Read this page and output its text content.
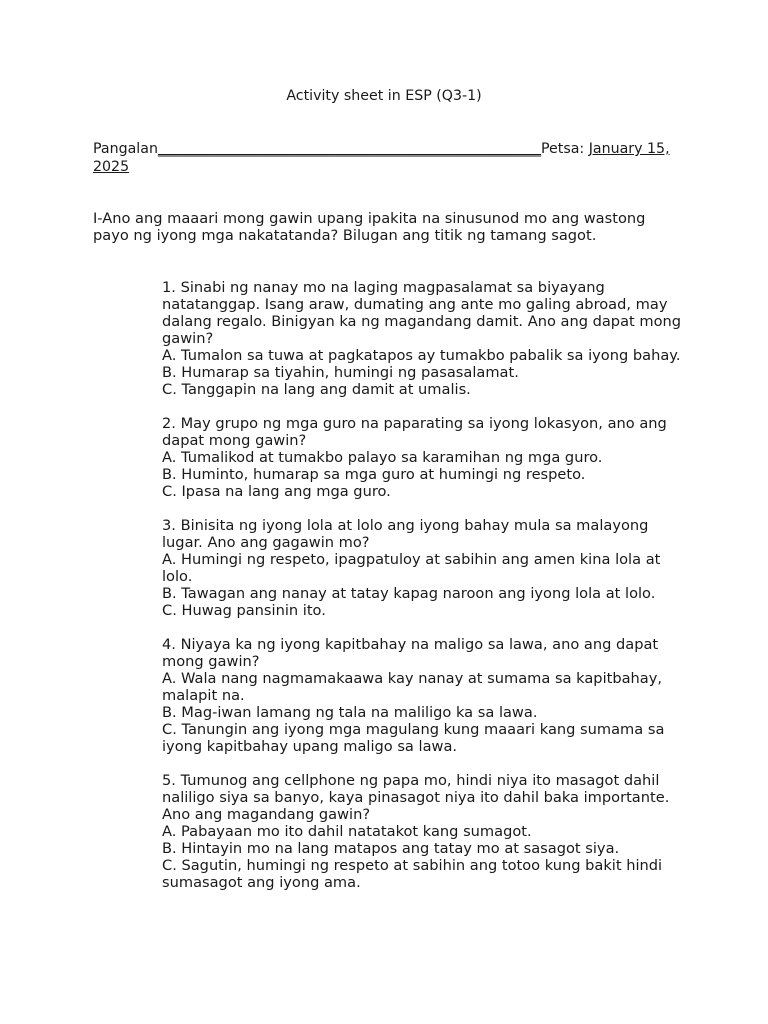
Activity sheet in ESP (Q3-1)
Pangalan______________________________________________________Petsa: January 15, 2025
I-Ano ang maaari mong gawin upang ipakita na sinusunod mo ang wastong payo ng iyong mga nakatatanda? Bilugan ang titik ng tamang sagot.
1. Sinabi ng nanay mo na laging magpasalamat sa biyayang natatanggap. Isang araw, dumating ang ante mo galing abroad, may dalang regalo. Binigyan ka ng magandang damit. Ano ang dapat mong gawin?
A. Tumalon sa tuwa at pagkatapos ay tumakbo pabalik sa iyong bahay.
B. Humarap sa tiyahin, humingi ng pasasalamat.
C. Tanggapin na lang ang damit at umalis.
2. May grupo ng mga guro na paparating sa iyong lokasyon, ano ang dapat mong gawin?
A. Tumalikod at tumakbo palayo sa karamihan ng mga guro.
B. Huminto, humarap sa mga guro at humingi ng respeto.
C. Ipasa na lang ang mga guro.
3. Binisita ng iyong lola at lolo ang iyong bahay mula sa malayong lugar. Ano ang gagawin mo?
A. Humingi ng respeto, ipagpatuloy at sabihin ang amen kina lola at lolo.
B. Tawagan ang nanay at tatay kapag naroon ang iyong lola at lolo.
C. Huwag pansinin ito.
4. Niyaya ka ng iyong kapitbahay na maligo sa lawa, ano ang dapat mong gawin?
A. Wala nang nagmamakaawa kay nanay at sumama sa kapitbahay, malapit na.
B. Mag-iwan lamang ng tala na maliligo ka sa lawa.
C. Tanungin ang iyong mga magulang kung maaari kang sumama sa iyong kapitbahay upang maligo sa lawa.
5. Tumunog ang cellphone ng papa mo, hindi niya ito masagot dahil naliligo siya sa banyo, kaya pinasagot niya ito dahil baka importante. Ano ang magandang gawin?
A. Pabayaan mo ito dahil natatakot kang sumagot.
B. Hintayin mo na lang matapos ang tatay mo at sasagot siya.
C. Sagutin, humingi ng respeto at sabihin ang totoo kung bakit hindi sumasagot ang iyong ama.
